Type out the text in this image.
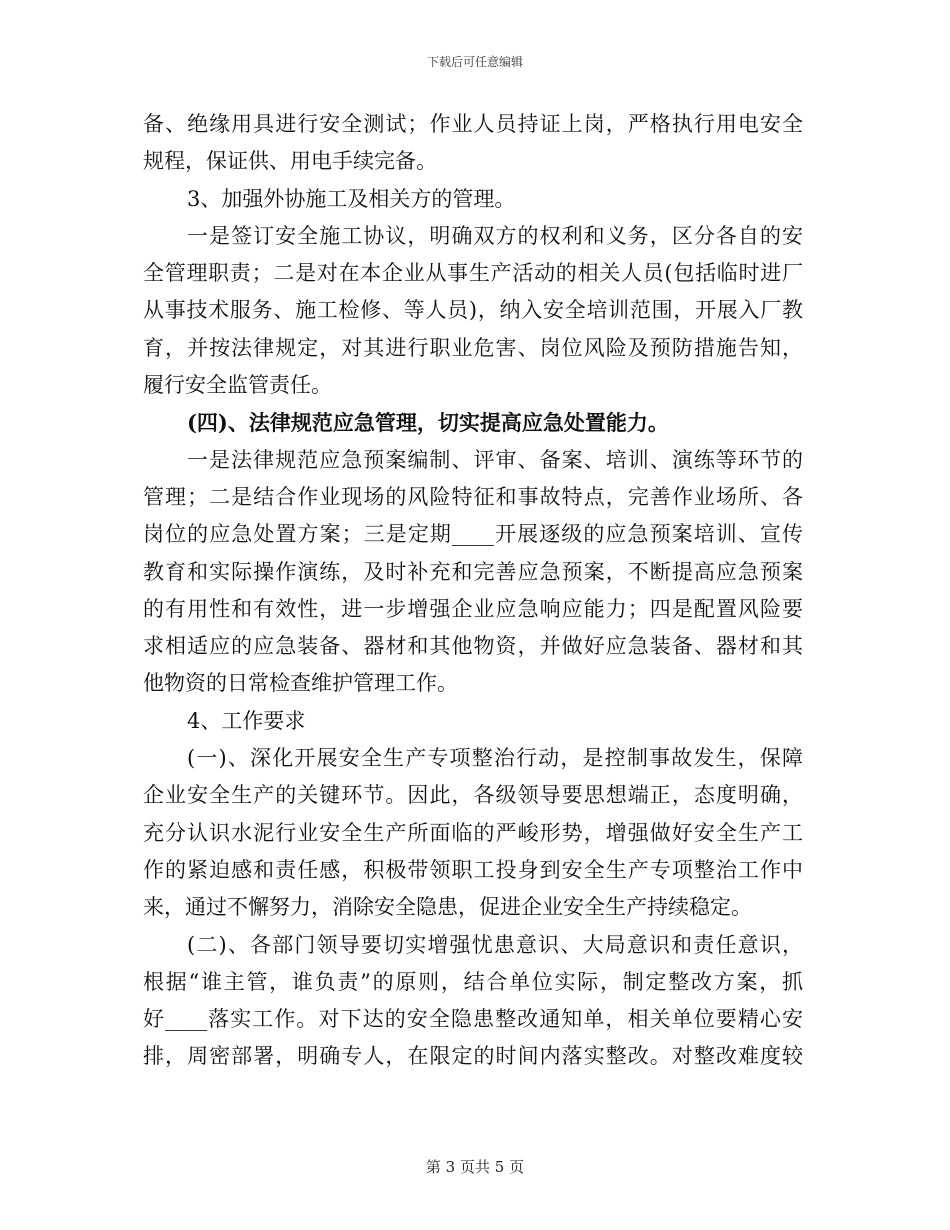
下载后可任意编辑
备、绝缘用具进行安全测试；作业人员持证上岗，严格执行用电安全
规程，保证供、用电手续完备。
3、加强外协施工及相关方的管理。
一是签订安全施工协议，明确双方的权利和义务，区分各自的安
全管理职责；二是对在本企业从事生产活动的相关人员(包括临时进厂
从事技术服务、施工检修、等人员)，纳入安全培训范围，开展入厂教
育，并按法律规定，对其进行职业危害、岗位风险及预防措施告知，
履行安全监管责任。
(四)、法律规范应急管理，切实提高应急处置能力。
一是法律规范应急预案编制、评审、备案、培训、演练等环节的
管理；二是结合作业现场的风险特征和事故特点，完善作业场所、各
岗位的应急处置方案；三是定期____开展逐级的应急预案培训、宣传
教育和实际操作演练，及时补充和完善应急预案，不断提高应急预案
的有用性和有效性，进一步增强企业应急响应能力；四是配置风险要
求相适应的应急装备、器材和其他物资，并做好应急装备、器材和其
他物资的日常检查维护管理工作。
4、工作要求
(一)、深化开展安全生产专项整治行动，是控制事故发生，保障
企业安全生产的关键环节。因此，各级领导要思想端正，态度明确，
充分认识水泥行业安全生产所面临的严峻形势，增强做好安全生产工
作的紧迫感和责任感，积极带领职工投身到安全生产专项整治工作中
来，通过不懈努力，消除安全隐患，促进企业安全生产持续稳定。
(二)、各部门领导要切实增强忧患意识、大局意识和责任意识，
根据“谁主管，谁负责”的原则，结合单位实际，制定整改方案，抓
好____落实工作。对下达的安全隐患整改通知单，相关单位要精心安
排，周密部署，明确专人，在限定的时间内落实整改。对整改难度较
第 3 页共 5 页
